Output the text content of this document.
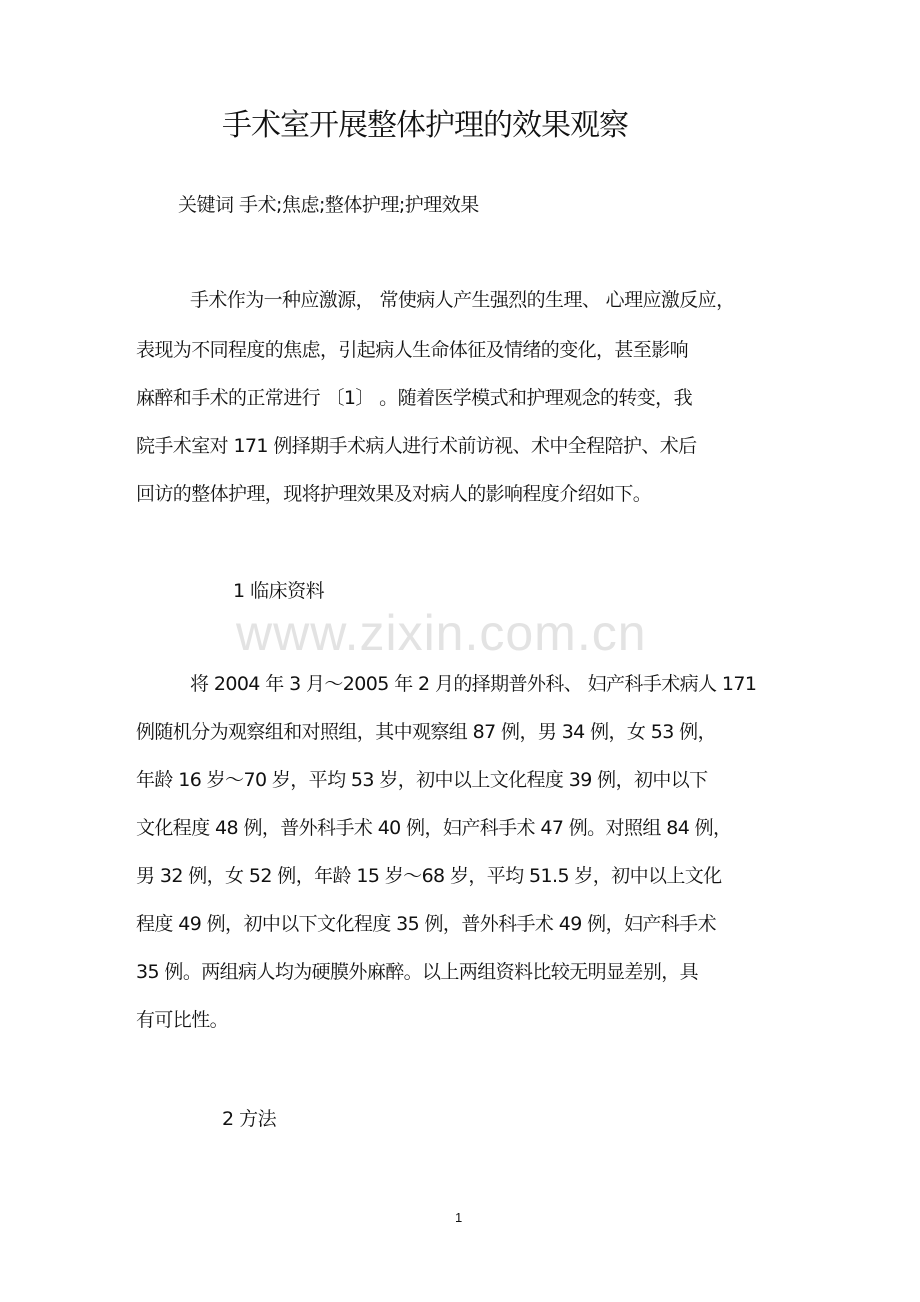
手术室开展整体护理的效果观察
关键词 手术;焦虑;整体护理;护理效果
手术作为一种应激源， 常使病人产生强烈的生理、 心理应激反应，
表现为不同程度的焦虑，引起病人生命体征及情绪的变化，甚至影响
麻醉和手术的正常进行 〔1〕 。随着医学模式和护理观念的转变，我
院手术室对 171 例择期手术病人进行术前访视、术中全程陪护、术后
回访的整体护理，现将护理效果及对病人的影响程度介绍如下。
1 临床资料
www.zixin.com.cn
将 2004 年 3 月～2005 年 2 月的择期普外科、 妇产科手术病人 171
例随机分为观察组和对照组，其中观察组 87 例，男 34 例，女 53 例，
年龄 16 岁～70 岁，平均 53 岁，初中以上文化程度 39 例，初中以下
文化程度 48 例，普外科手术 40 例，妇产科手术 47 例。对照组 84 例，
男 32 例，女 52 例，年龄 15 岁～68 岁，平均 51.5 岁，初中以上文化
程度 49 例，初中以下文化程度 35 例，普外科手术 49 例，妇产科手术
35 例。两组病人均为硬膜外麻醉。以上两组资料比较无明显差别，具
有可比性。
2 方法
1
